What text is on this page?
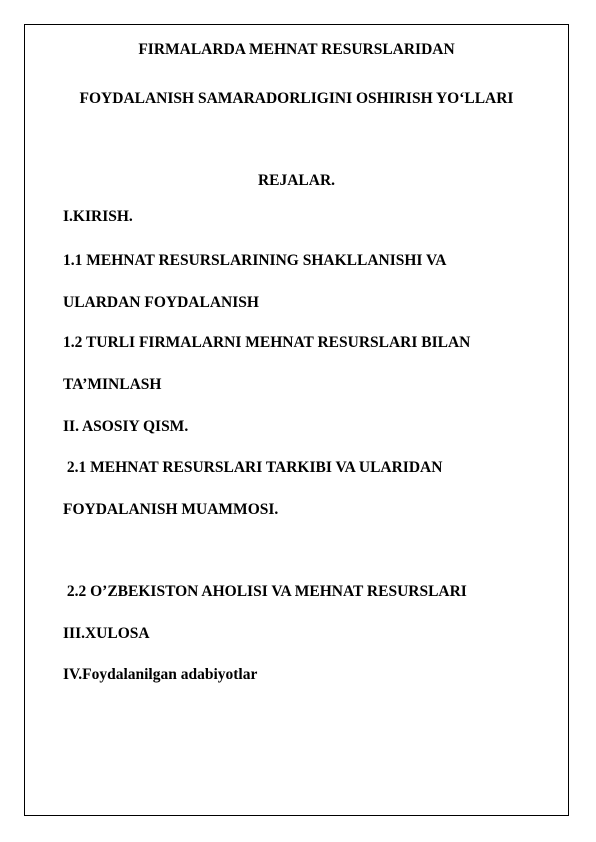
FIRMALARDA MEHNAT RESURSLARIDAN
FOYDALANISH SAMARADORLIGINI OSHIRISH YO‘LLARI
REJALAR.
I.KIRISH.
1.1 MEHNAT RESURSLARINING SHAKLLANISHI VA
ULARDAN FOYDALANISH
1.2 TURLI FIRMALARNI MEHNAT RESURSLARI BILAN
TA’MINLASH
II. ASOSIY QISM.
2.1 MEHNAT RESURSLARI TARKIBI VA ULARIDAN
FOYDALANISH MUAMMOSI.
2.2 O’ZBEKISTON AHOLISI VA MEHNAT RESURSLARI
III.XULOSA
IV.Foydalanilgan adabiyotlar
